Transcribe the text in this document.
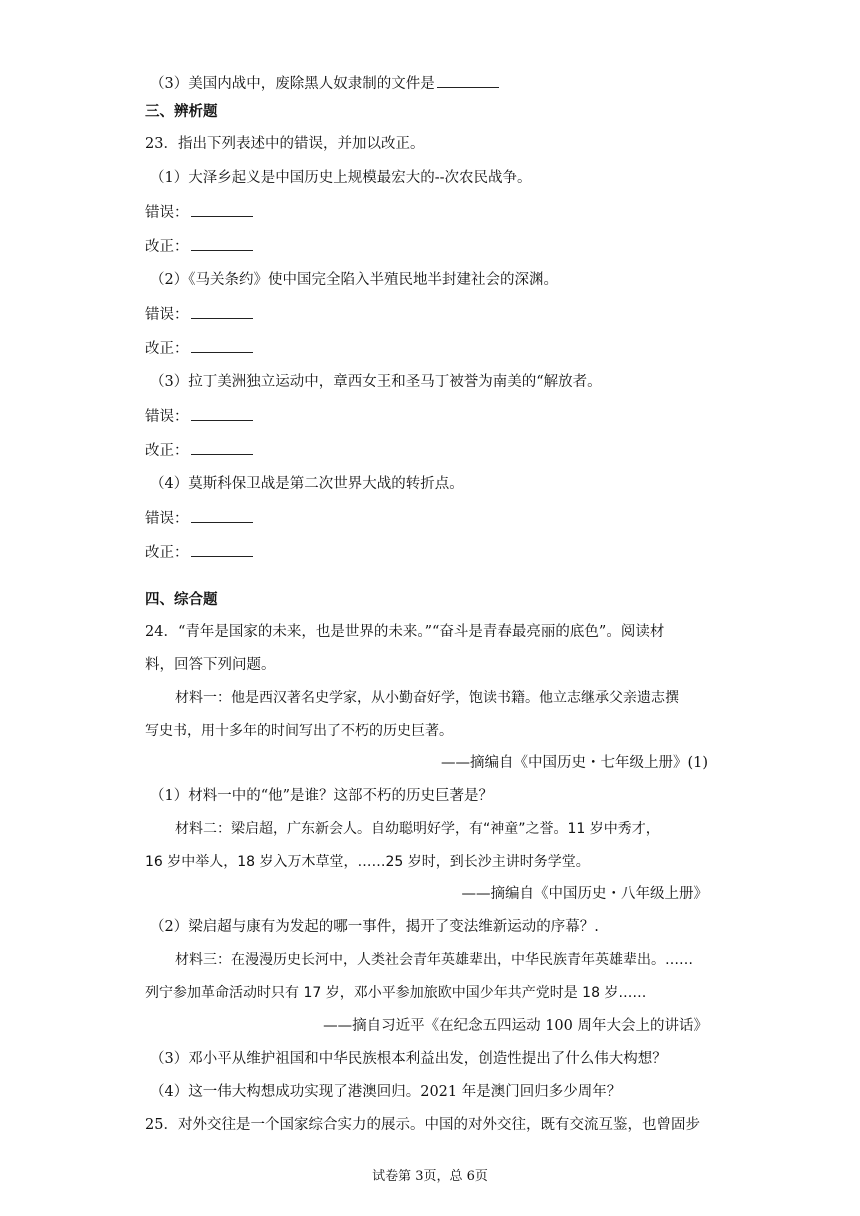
（3）美国内战中，废除黑人奴隶制的文件是
三、辨析题
23．指出下列表述中的错误，并加以改正。
（1）大泽乡起义是中国历史上规模最宏大的--次农民战争。
错误：
改正：
（2）《马关条约》使中国完全陷入半殖民地半封建社会的深渊。
错误：
改正：
（3）拉丁美洲独立运动中，章西女王和圣马丁被誉为南美的“解放者。
错误：
改正：
（4）莫斯科保卫战是第二次世界大战的转折点。
错误：
改正：
四、综合题
24．“青年是国家的未来，也是世界的未来。”“奋斗是青春最亮丽的底色”。阅读材
料，回答下列问题。
材料一：他是西汉著名史学家，从小勤奋好学，饱读书籍。他立志继承父亲遗志撰
写史书，用十多年的时间写出了不朽的历史巨著。
——摘编自《中国历史・七年级上册》(1)
（1）材料一中的“他”是谁？这部不朽的历史巨著是？
材料二：梁启超，广东新会人。自幼聪明好学，有“神童”之誉。11 岁中秀才，
16 岁中举人，18 岁入万木草堂，……25 岁时，到长沙主讲时务学堂。
——摘编自《中国历史・八年级上册》
（2）梁启超与康有为发起的哪一事件，揭开了变法维新运动的序幕？.
材料三：在漫漫历史长河中，人类社会青年英雄辈出，中华民族青年英雄辈出。……
列宁参加革命活动时只有 17 岁，邓小平参加旅欧中国少年共产党时是 18 岁……
——摘自习近平《在纪念五四运动 100 周年大会上的讲话》
（3）邓小平从维护祖国和中华民族根本利益出发，创造性提出了什么伟大构想？
（4）这一伟大构想成功实现了港澳回归。2021 年是澳门回归多少周年？
25．对外交往是一个国家综合实力的展示。中国的对外交往，既有交流互鉴，也曾固步
试卷第 3页，总 6页
